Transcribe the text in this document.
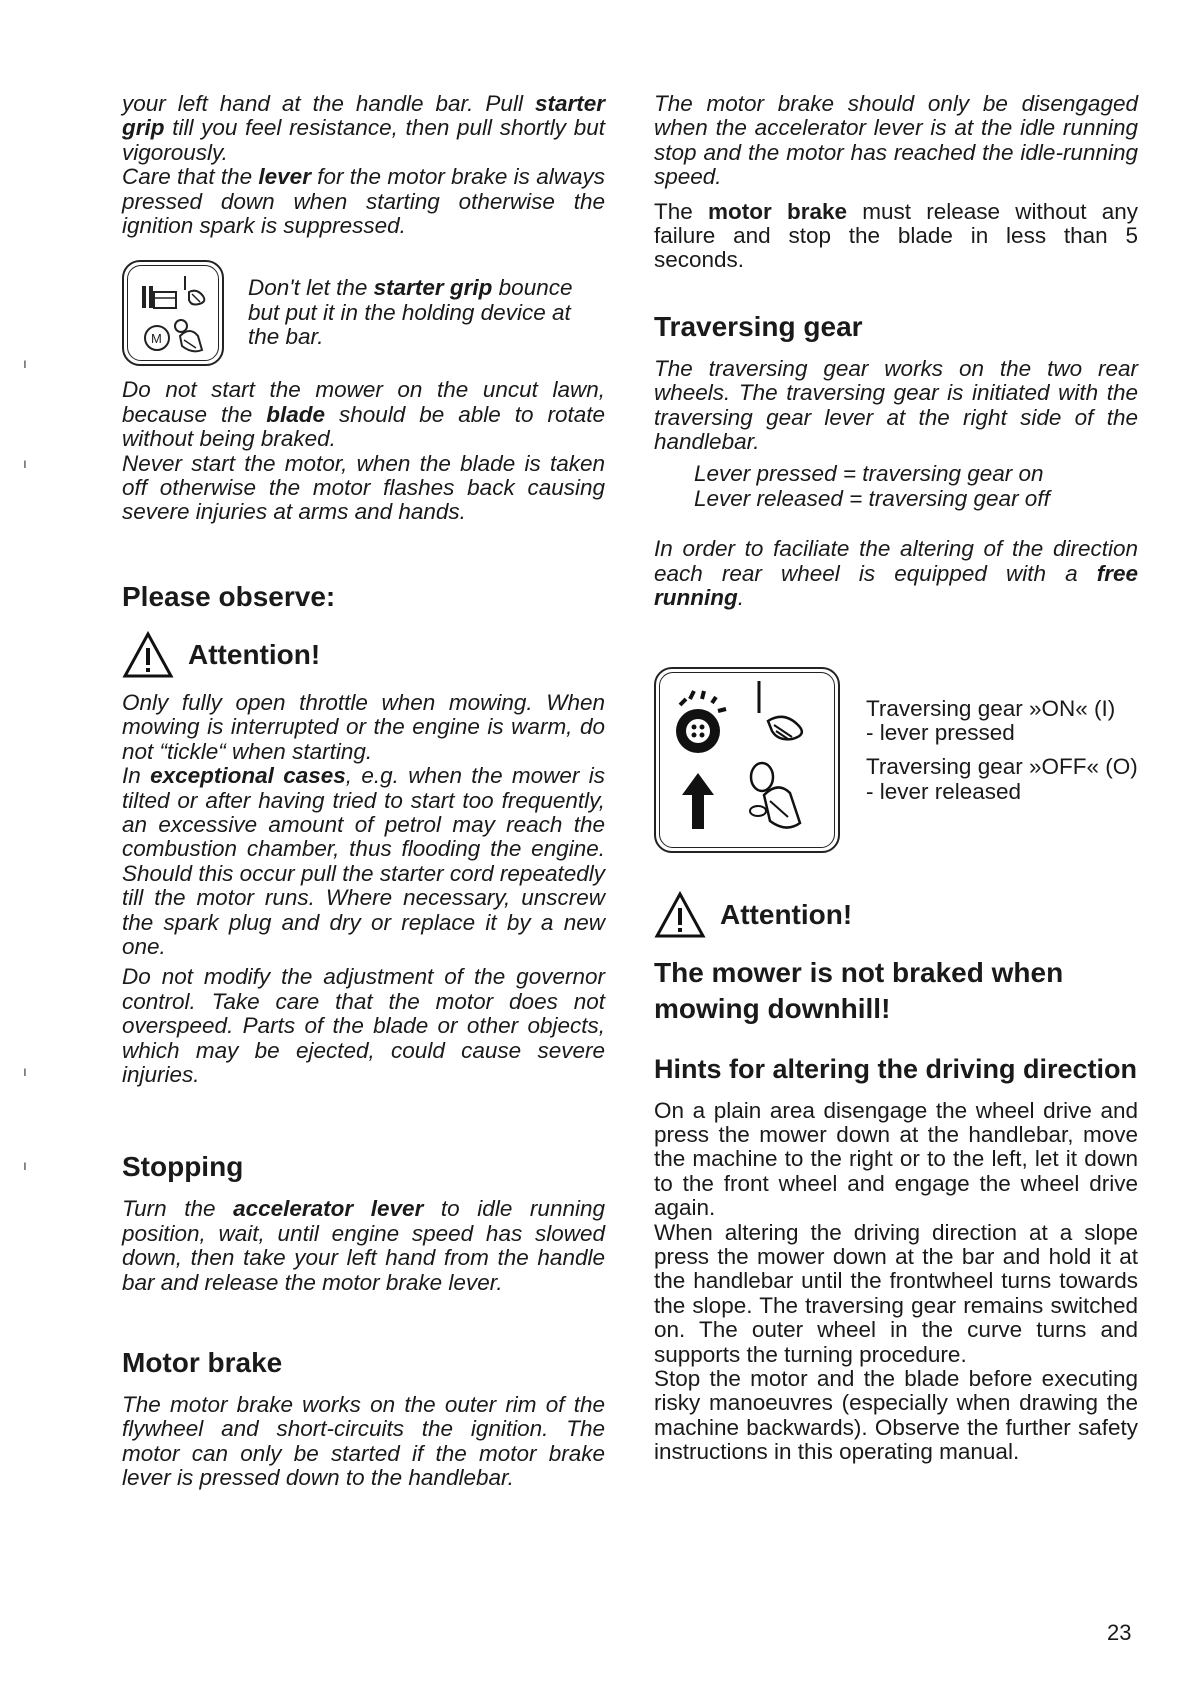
your left hand at the handle bar. Pull starter grip till you feel resistance, then pull shortly but vigorously.

Care that the lever for the motor brake is always pressed down when starting otherwise the ignition spark is suppressed.

M

Don't let the starter grip bounce but put it in the holding device at the bar.

Do not start the mower on the uncut lawn, because the blade should be able to rotate without being braked.

Never start the motor, when the blade is taken off otherwise the motor flashes back causing severe injuries at arms and hands.

Please observe:
Attention!

Only fully open throttle when mowing. When mowing is interrupted or the engine is warm, do not “tickle“ when starting.

In exceptional cases, e.g. when the mower is tilted or after having tried to start too frequently, an excessive amount of petrol may reach the combustion chamber, thus flooding the engine. Should this occur pull the starter cord repeatedly till the motor runs. Where necessary, unscrew the spark plug and dry or replace it by a new one.

Do not modify the adjustment of the governor control. Take care that the motor does not overspeed. Parts of the blade or other objects, which may be ejected, could cause severe injuries.

Stopping

Turn the accelerator lever to idle running position, wait, until engine speed has slowed down, then take your left hand from the handle bar and release the motor brake lever.

Motor brake

The motor brake works on the outer rim of the flywheel and short-circuits the ignition. The motor can only be started if the motor brake lever is pressed down to the handlebar.

The motor brake should only be disengaged when the accelerator lever is at the idle running stop and the motor has reached the idle-running speed.

The motor brake must release without any failure and stop the blade in less than 5 seconds.

Traversing gear

The traversing gear works on the two rear wheels. The traversing gear is initiated with the traversing gear lever at the right side of the handlebar.

Lever pressed = traversing gear on

Lever released = traversing gear off

In order to faciliate the altering of the direction each rear wheel is equipped with a free running.

Traversing gear »ON« (I)

- lever pressed

Traversing gear »OFF« (O)

- lever released

Attention!
The mower is not braked when mowing downhill!
Hints for altering the driving direction

On a plain area disengage the wheel drive and press the mower down at the handlebar, move the machine to the right or to the left, let it down to the front wheel and engage the wheel drive again.

When altering the driving direction at a slope press the mower down at the bar and hold it at the handlebar until the frontwheel turns towards the slope. The traversing gear remains switched on. The outer wheel in the curve turns and supports the turning procedure.

Stop the motor and the blade before executing risky manoeuvres (especially when drawing the machine backwards). Observe the further safety instructions in this operating manual.

23
ı
ı
ı
ı
